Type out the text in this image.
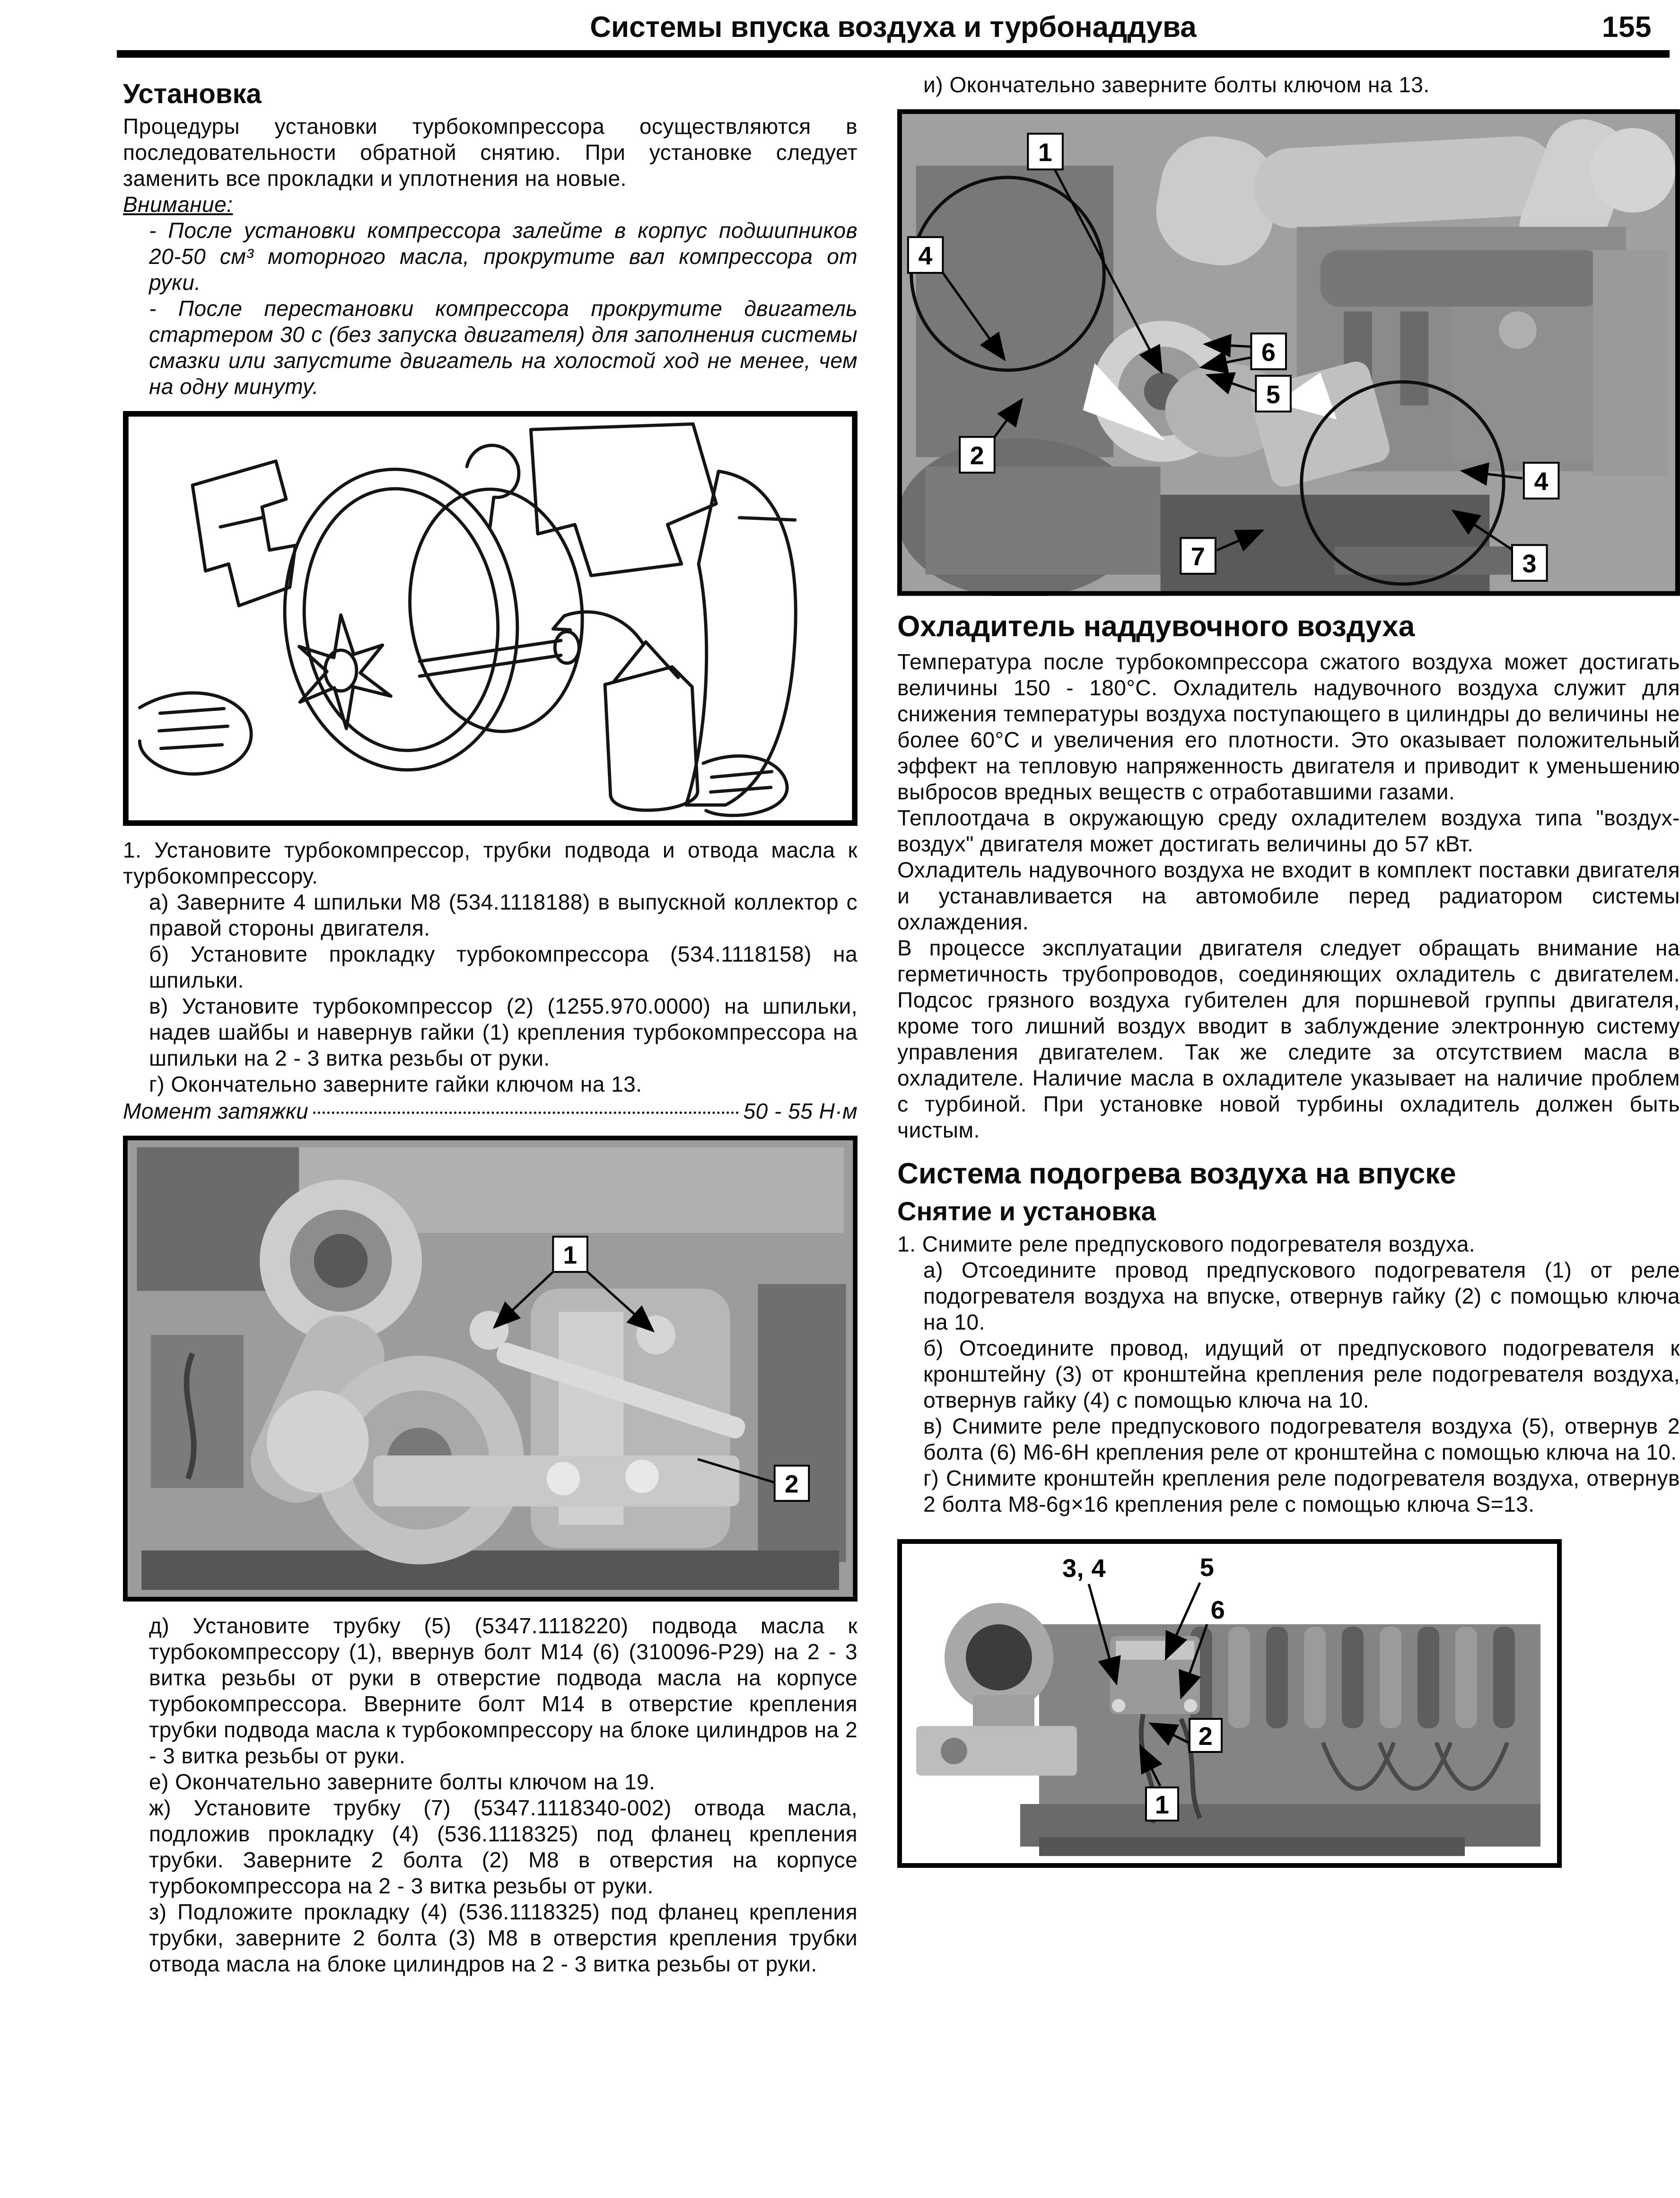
Системы впуска воздуха и турбонаддува	155
Установка

Процедуры установки турбокомпрессора осуществляются в последовательности обратной снятию. При установке следует заменить все прокладки и уплотнения на новые.

Внимание:

- После установки компрессора залейте в корпус подшипников 20-50 см³ моторного масла, прокрутите вал компрессора от руки.

- После перестановки компрессора прокрутите двигатель стартером 30 с (без запуска двигателя) для заполнения системы смазки или запустите двигатель на холостой ход не менее, чем на одну минуту.

1. Установите турбокомпрессор, трубки подвода и отвода масла к турбокомпрессору.

а) Заверните 4 шпильки М8 (534.1118188) в выпускной коллектор с правой стороны двигателя.

б) Установите прокладку турбокомпрессора (534.1118158) на шпильки.

в) Установите турбокомпрессор (2) (1255.970.0000) на шпильки, надев шайбы и навернув гайки (1) крепления турбокомпрессора на шпильки на 2 - 3 витка резьбы от руки.

г) Окончательно заверните гайки ключом на 13.

Момент затяжки	50 - 55 Н·м
1
2

д) Установите трубку (5) (5347.1118220) подвода масла к турбокомпрессору (1), ввернув болт М14 (6) (310096-Р29) на 2 - 3 витка резьбы от руки в отверстие подвода масла на корпусе турбокомпрессора. Вверните болт М14 в отверстие крепления трубки подвода масла к турбокомпрессору на блоке цилиндров на 2 - 3 витка резьбы от руки.

е) Окончательно заверните болты ключом на 19.

ж) Установите трубку (7) (5347.1118340-002) отвода масла, подложив прокладку (4) (536.1118325) под фланец крепления трубки. Заверните 2 болта (2) М8 в отверстия на корпусе турбокомпрессора на 2 - 3 витка резьбы от руки.

з) Подложите прокладку (4) (536.1118325) под фланец крепления трубки, заверните 2 болта (3) М8 в отверстия крепления трубки отвода масла на блоке цилиндров на 2 - 3 витка резьбы от руки.

и) Окончательно заверните болты ключом на 13.

1
4
2
6
5
7
4
3
Охладитель наддувочного воздуха

Температура после турбокомпрессора сжатого воздуха может достигать величины 150 - 180°С. Охладитель надувочного воздуха служит для снижения температуры воздуха поступающего в цилиндры до величины не более 60°С и увеличения его плотности. Это оказывает положительный эффект на тепловую напряженность двигателя и приводит к уменьшению выбросов вредных веществ с отработавшими газами.

Теплоотдача в окружающую среду охладителем воздуха типа "воздух-воздух" двигателя может достигать величины до 57 кВт.

Охладитель надувочного воздуха не входит в комплект поставки двигателя и устанавливается на автомобиле перед радиатором системы охлаждения.

В процессе эксплуатации двигателя следует обращать внимание на герметичность трубопроводов, соединяющих охладитель с двигателем. Подсос грязного воздуха губителен для поршневой группы двигателя, кроме того лишний воздух вводит в заблуждение электронную систему управления двигателем. Так же следите за отсутствием масла в охладителе. Наличие масла в охладителе указывает на наличие проблем с турбиной. При установке новой турбины охладитель должен быть чистым.

Система подогрева воздуха на впуске
Снятие и установка

1. Снимите реле предпускового подогревателя воздуха.

а) Отсоедините провод предпускового подогревателя (1) от реле подогревателя воздуха на впуске, отвернув гайку (2) с помощью ключа на 10.

б) Отсоедините провод, идущий от предпускового подогревателя к кронштейну (3) от кронштейна крепления реле подогревателя воздуха, отвернув гайку (4) с помощью ключа на 10.

в) Снимите реле предпускового подогревателя воздуха (5), отвернув 2 болта (6) М6-6Н крепления реле от кронштейна с помощью ключа на 10.

г) Снимите кронштейн крепления реле подогревателя воздуха, отвернув 2 болта М8-6g×16 крепления реле с помощью ключа S=13.

3, 4	5
6
2
1
